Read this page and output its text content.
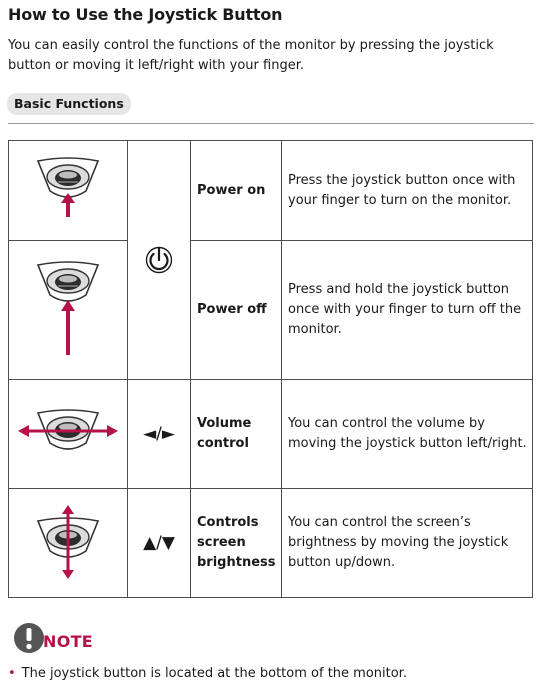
How to Use the Joystick Button

You can easily control the functions of the monitor by pressing the joystick button or moving it left/right with your finger.

Basic Functions

	Power on	Press the joystick button once with your finger to turn on the monitor.

	Power off	Press and hold the joystick button once with your finger to turn off the monitor.

	◄/►	Volume control	You can control the volume by moving the joystick button left/right.

	▲/▼	Controls screen brightness	You can control the screen’s brightness by moving the joystick button up/down.
NOTE
• The joystick button is located at the bottom of the monitor.
